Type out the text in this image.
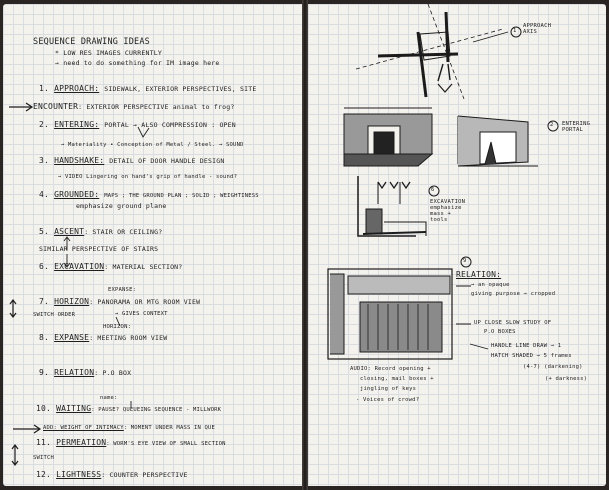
SEQUENCE DRAWING IDEAS
* LOW RES IMAGES CURRENTLY
→ need to do something for IM image here
1. APPROACH: SIDEWALK, EXTERIOR PERSPECTIVES, SITE
ENCOUNTER: EXTERIOR PERSPECTIVE animal to frog?
2. ENTERING: PORTAL → ALSO COMPRESSION : OPEN
→ Materiality • Conception of Metal / Steel. → SOUND
3. HANDSHAKE: DETAIL OF DOOR HANDLE DESIGN
→ VIDEO Lingering on hand's grip of handle - sound?
4. GROUNDED: MAPS ; THE GROUND PLAN ; SOLID ; WEIGHTINESS
emphasize ground plane
5. ASCENT: STAIR OR CEILING?
SIMILAR PERSPECTIVE OF STAIRS
6. EXCAVATION: MATERIAL SECTION?
EXPANSE:
7. HORIZON: PANORAMA OR MTG ROOM VIEW
SWITCH ORDER	→ GIVES CONTEXT
HORIZON:
8. EXPANSE: MEETING ROOM VIEW
9. RELATION: P.O BOX
name:
10. WAITING: PAUSE? QUEUEING SEQUENCE - MILLWORK
ADD: WEIGHT OF INTIMACY: MOMENT UNDER MASS IN QUE
11. PERMEATION: WORM'S EYE VIEW OF SMALL SECTION
SWITCH
12. LIGHTNESS: COUNTER PERSPECTIVE
1
APPROACH AXIS
2 ENTERING PORTAL
6
EXCAVATION emphasize mass + tools
9
RELATION:
→ an opaque
giving purpose → cropped
UP CLOSE SLOW STUDY OF
P.O BOXES
HANDLE LINE DRAW → 1
HATCH SHADED → 5 frames
(4-7) (darkening)
(+ darkness)
AUDIO: Record opening +
closing, mail boxes +
jingling of keys
- Voices of crowd?
